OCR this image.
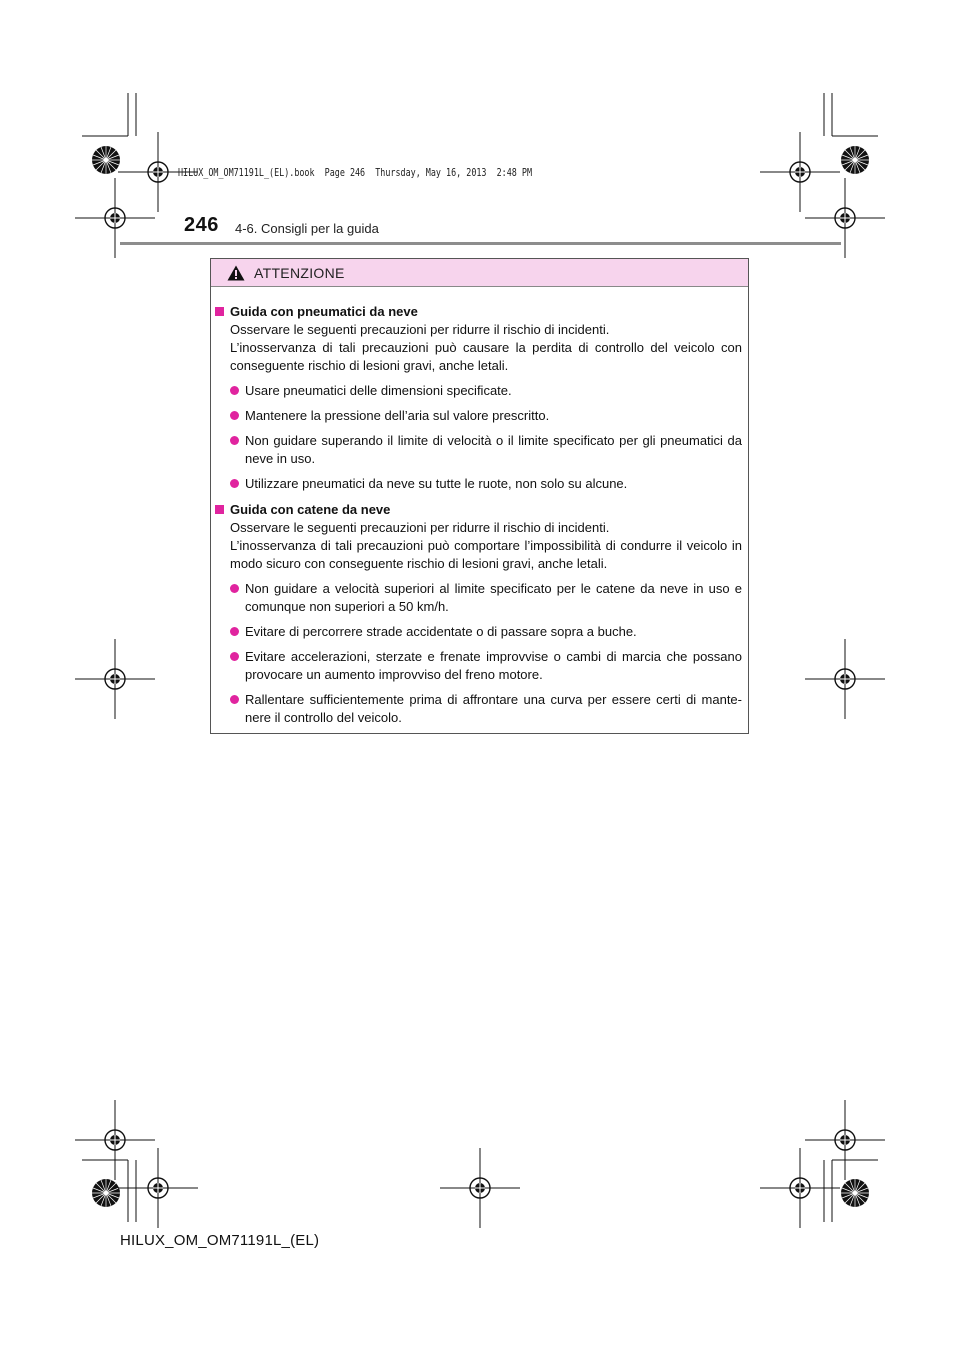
HILUX_OM_OM71191L_(EL).book  Page 246  Thursday, May 16, 2013  2:48 PM
246 4-6. Consigli per la guida
ATTENZIONE
Guida con pneumatici da neve
Osservare le seguenti precauzioni per ridurre il rischio di incidenti.
L’inosservanza di tali precauzioni può causare la perdita di controllo del veicolo con conseguente rischio di lesioni gravi, anche letali.
Usare pneumatici delle dimensioni specificate.
Mantenere la pressione dell’aria sul valore prescritto.
Non guidare superando il limite di velocità o il limite specificato per gli pneumatici da neve in uso.
Utilizzare pneumatici da neve su tutte le ruote, non solo su alcune.
Guida con catene da neve
Osservare le seguenti precauzioni per ridurre il rischio di incidenti.
L’inosservanza di tali precauzioni può comportare l’impossibilità di condurre il veicolo in modo sicuro con conseguente rischio di lesioni gravi, anche letali.
Non guidare a velocità superiori al limite specificato per le catene da neve in uso e comunque non superiori a 50 km/h.
Evitare di percorrere strade accidentate o di passare sopra a buche.
Evitare accelerazioni, sterzate e frenate improvvise o cambi di marcia che possano provocare un aumento improvviso del freno motore.
Rallentare sufficientemente prima di affrontare una curva per essere certi di mante-nere il controllo del veicolo.
HILUX_OM_OM71191L_(EL)
